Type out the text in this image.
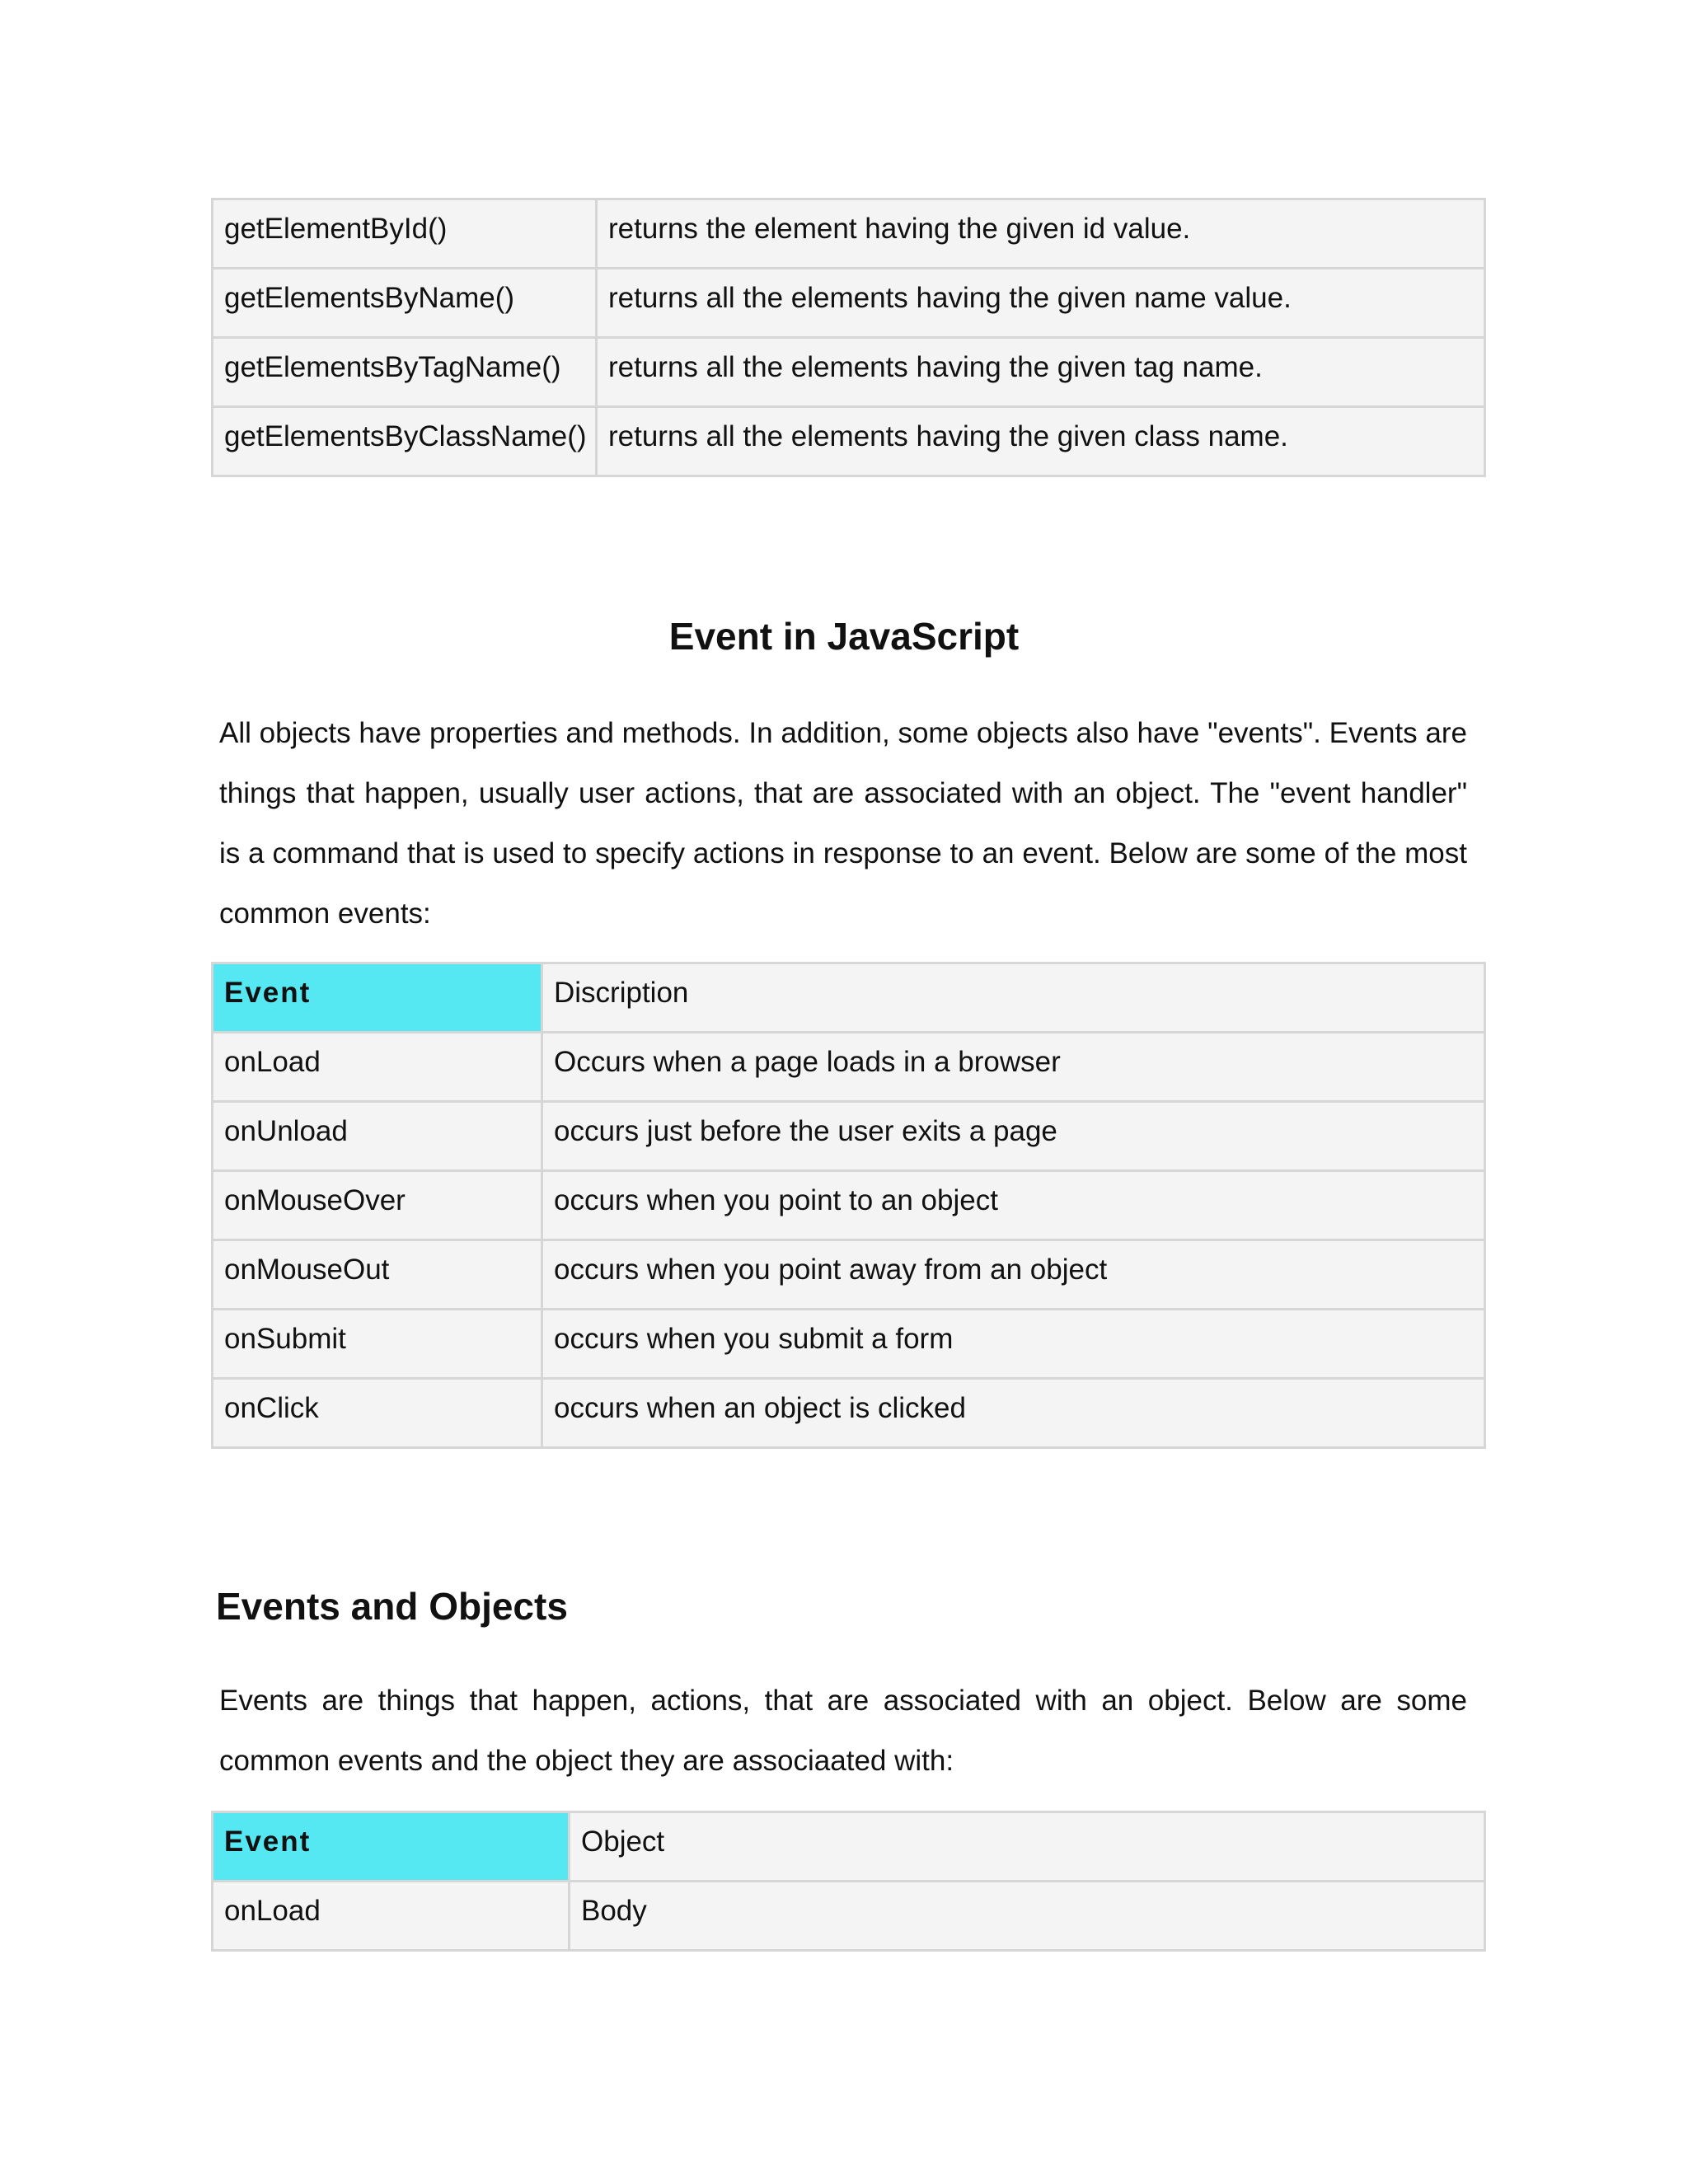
getElementById()	returns the element having the given id value.
getElementsByName()	returns all the elements having the given name value.
getElementsByTagName()	returns all the elements having the given tag name.
getElementsByClassName()	returns all the elements having the given class name.
Event in JavaScript

All objects have properties and methods. In addition, some objects also have "events". Events are things that happen, usually user actions, that are associated with an object. The "event handler" is a command that is used to specify actions in response to an event. Below are some of the most common events:

Event	Discription
onLoad	Occurs when a page loads in a browser
onUnload	occurs just before the user exits a page
onMouseOver	occurs when you point to an object
onMouseOut	occurs when you point away from an object
onSubmit	occurs when you submit a form
onClick	occurs when an object is clicked
Events and Objects

Events are things that happen, actions, that are associated with an object. Below are some common events and the object they are associaated with:

Event	Object
onLoad	Body
